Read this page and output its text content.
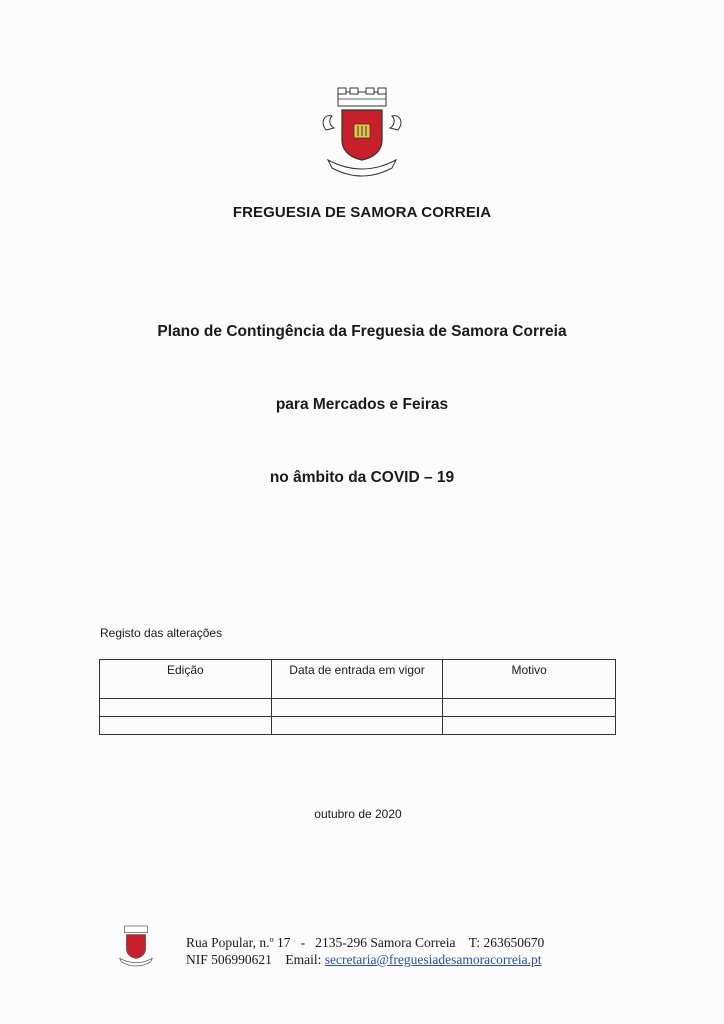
FREGUESIA DE SAMORA CORREIA
Plano de Contingência da Freguesia de Samora Correia
para Mercados e Feiras
no âmbito da COVID – 19
Registo das alterações
Edição	Data de entrada em vigor	Motivo

outubro de 2020
Rua Popular, n.º 17 - 2135-296 Samora Correia T: 263650670
NIF 506990621 Email: secretaria@freguesiadesamoracorreia.pt
